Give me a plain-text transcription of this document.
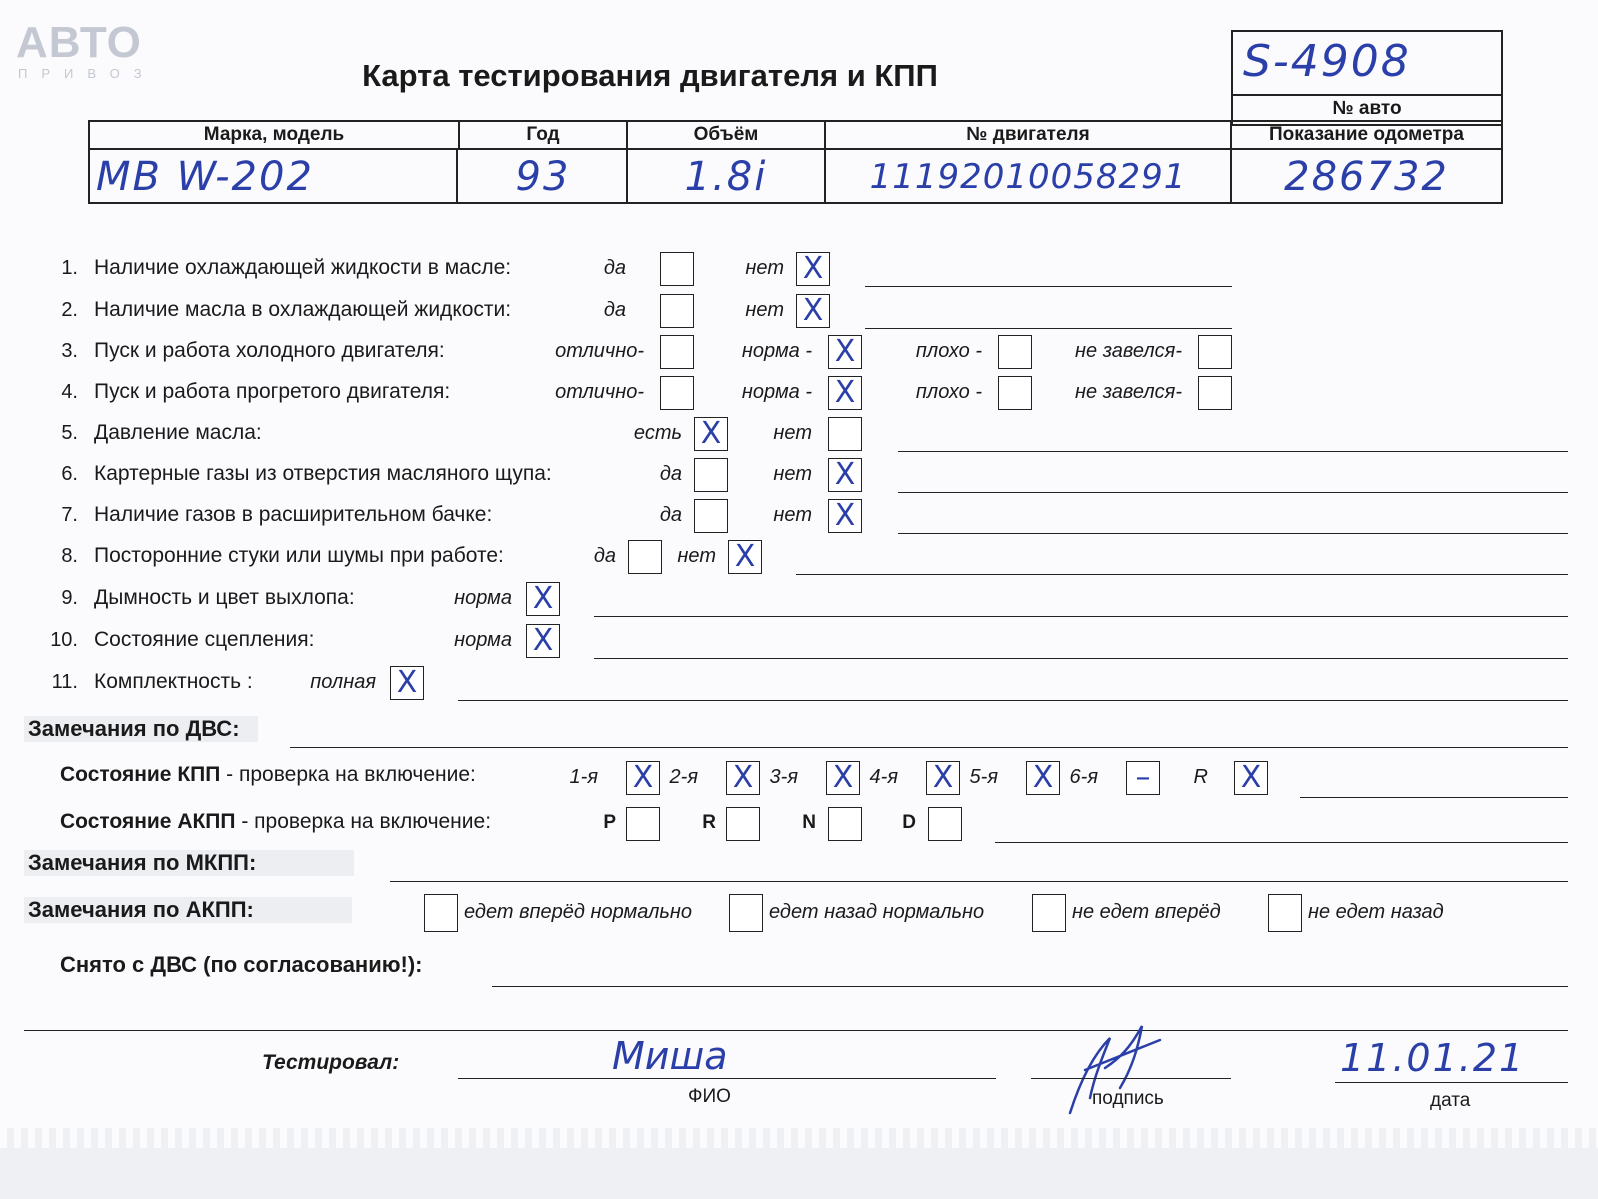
АВТО
ПРИВОЗ	Карта тестирования двигателя и КПП	S-4908
№ авто
Марка, модель	Год	Объём	№ двигателя	Показание одометра
MB W-202	93	1.8i	11192010058291	286732
1. Наличие охлаждающей жидкости в масле:	да	нет X
2. Наличие масла в охлаждающей жидкости:	да	нет X
3. Пуск и работа холодного двигателя:	отлично-	норма - X	плохо -	не завелся-
4. Пуск и работа прогретого двигателя:	отлично-	норма - X	плохо -	не завелся-
5. Давление масла:	есть X	нет
6. Картерные газы из отверстия масляного щупа:	да	нет X
7. Наличие газов в расширительном бачке:	да	нет X
8. Посторонние стуки или шумы при работе:	да	нет X
9. Дымность и цвет выхлопа:	норма X
10. Состояние сцепления:	норма X
11. Комплектность :	полная X
Замечания по ДВС:
Состояние КПП - проверка на включение:	1-я X 2-я X 3-я X 4-я X 5-я X 6-я –	R X
Состояние АКПП - проверка на включение:	P	R	N	D
Замечания по МКПП:
Замечания по АКПП:	едет вперёд нормально	едет назад нормально	не едет вперёд	не едет назад
Снято с ДВС (по согласованию!):
Тестировал:	Миша
ФИО	подпись
11.01.21
дата
